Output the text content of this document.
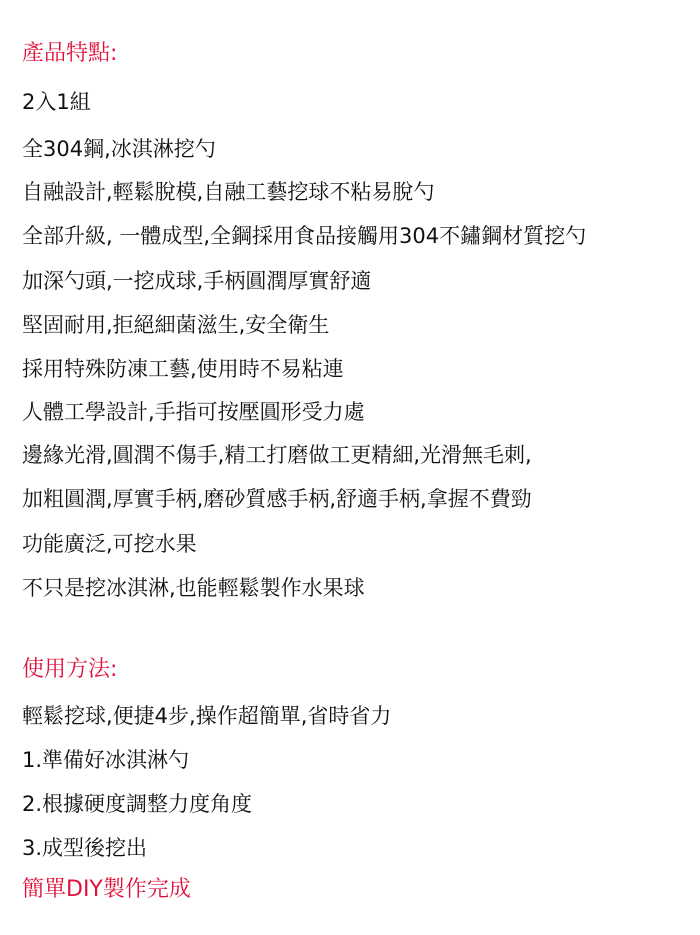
產品特點:
2入1組
全304鋼,冰淇淋挖勺
自融設計,輕鬆脫模,自融工藝挖球不粘易脫勺
全部升級, 一體成型,全鋼採用食品接觸用304不鏽鋼材質挖勺
加深勺頭,一挖成球,手柄圓潤厚實舒適
堅固耐用,拒絕細菌滋生,安全衛生
採用特殊防凍工藝,使用時不易粘連
人體工學設計,手指可按壓圓形受力處
邊緣光滑,圓潤不傷手,精工打磨做工更精細,光滑無毛刺,
加粗圓潤,厚實手柄,磨砂質感手柄,舒適手柄,拿握不費勁
功能廣泛,可挖水果
不只是挖冰淇淋,也能輕鬆製作水果球
使用方法:
輕鬆挖球,便捷4步,操作超簡單,省時省力
1.準備好冰淇淋勺
2.根據硬度調整力度角度
3.成型後挖出
簡單DIY製作完成
